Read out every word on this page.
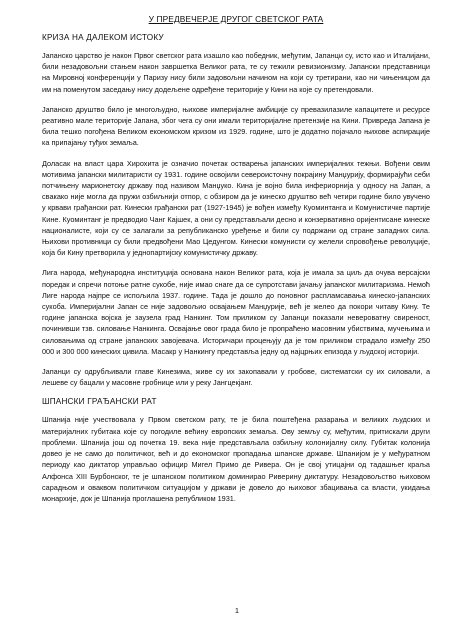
У ПРЕДВЕЧЕРЈЕ ДРУГОГ СВЕТСКОГ РАТА
КРИЗА НА ДАЛЕКОМ ИСТОКУ

Јапанско царство је након Првог светског рата изашло као победник, међутим, Јапанци су, исто као и Италијани, били незадовољни стањем након завршетка Великог рата, те су тежили ревизионизму. Јапански представници на Мировној конференцији у Паризу нису били задовољни начином на који су третирани, као ни чињеницом да им на поменутом заседању нису додељене одређене територије у Кини на које су претендовали.

Јапанско друштво било је многољудно, њихове империјалне амбиције су превазилазиле капацитете и ресурсе реативно мале територије Јапана, због чега су они имали територијалне претензије на Кини. Привреда Јапана је била тешко погођена Великом економском кризом из 1929. године, што је додатно појачало њихове аспирације ка припајању туђих земаља.

Доласак на власт цара Хирохита је означио почетак остварења јапанских империјалних тежњи. Вођени овим мотивима јапански милитаристи су 1931. године освојили североисточну покрајину Манџурију, формирајући себи потчињену марионетску државу под називом Манџуко. Кина је војно била инфериорнија у односу на Јапан, а свакако није могла да пружи озбиљнији отпор, с обзиром да је кинеско друштво већ четири године било увучено у крвави грађански рат. Кинески грађански рат (1927-1945) је вођен између Куоминтанга и Комунистичке партије Кине. Куоминтанг је предводио Чанг Кајшек, а они су представљали десно и конзервативно оријентисане кинеске националисте, који су се залагали за републиканско уређење и били су подржани од стране западних сила. Њихови противници су били предвођени Мао Цедунгом. Кинески комунисти су желели спровођење револуције, која би Кину претворила у једнопартијску комунистичку државу.

Лига народа, међународна институција основана након Великог рата, која је имала за циљ да очува версајски поредак и спречи потоње ратне сукобе, није имао снаге да се супротстави јачању јапанског милитаризма. Немоћ Лиге народа најпре се испољила 1937. године. Тада је дошло до поновног распламсавања кинеско-јапанских сукоба. Империјални Јапан се није задовољио освајањем Манџурије, већ је желео да покори читаву Кину. Те године јапанска војска је заузела град Нанкинг. Том приликом су Јапанци показали невероватну свиреност, починивши тзв. силовање Нанкинга. Освајање овог града било је пропраћено масовним убиствима, мучењима и силовањима од стране јапанских завојевача. Историчари процењују да је том приликом страдало између 250 000 и 300 000 кинеских цивила. Масакр у Нанкингу представља једну од најцрњих епизода у људској историји.

Јапанци су одрубљивали главе Кинезима, живе су их закопавали у гробове, систематски су их силовали, а лешеве су бацали у масовне гробнице или у реку Јангцекјанг.

ШПАНСКИ ГРАЂАНСКИ РАТ

Шпанија није учествовала у Првом светском рату, те је била поштеђена разарања и великих људских и материјалних губитака које су погодиле већину европских земаља. Ову земљу су, међутим, притискали други проблеми. Шпанија још од почетка 19. века није представљала озбиљну колонијалну силу. Губитак колонија довео је не само до политичког, већ и до економског пропадања шпанске државе. Шпанијом је у међуратном периоду као диктатор управљао официр Мигел Примо де Ривера. Он је свој утицајни од тадашњег краља Алфонса XIII Бурбонског, те је шпанском политиком доминирао Риверину диктатуру. Незадовољство њиховом сарадњом и оваквом политичком ситуацијом у држави је довело до њиховог збацивања са власти, укидања монархије, док је Шпанија проглашена републиком 1931.

1
